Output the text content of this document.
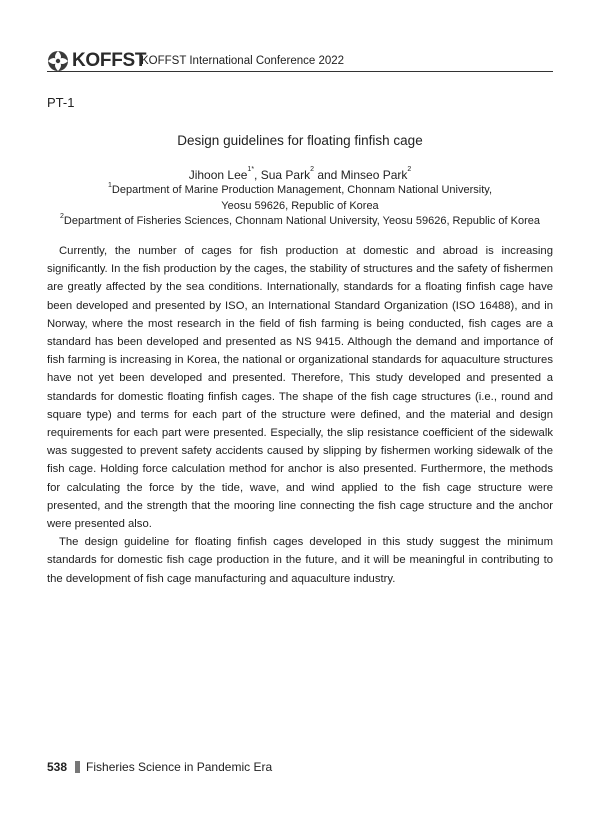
KOFFST
KOFFST International Conference 2022
PT-1
Design guidelines for floating finfish cage
Jihoon Lee$^{1*}$, Sua Park$^2$ and Minseo Park$^2$
$^1$Department of Marine Production Management, Chonnam National University,
Yeosu 59626, Republic of Korea
$^2$Department of Fisheries Sciences, Chonnam National University, Yeosu 59626, Republic of Korea

Currently, the number of cages for fish production at domestic and abroad is increasing significantly. In the fish production by the cages, the stability of structures and the safety of fishermen are greatly affected by the sea conditions. Internationally, standards for a floating finfish cage have been developed and presented by ISO, an International Standard Organization (ISO 16488), and in Norway, where the most research in the field of fish farming is being conducted, fish cages are a standard has been developed and presented as NS 9415. Although the demand and importance of fish farming is increasing in Korea, the national or organizational standards for aquaculture structures have not yet been developed and presented. Therefore, This study developed and presented a standards for domestic floating finfish cages. The shape of the fish cage structures (i.e., round and square type) and terms for each part of the structure were defined, and the material and design requirements for each part were presented. Especially, the slip resistance coefficient of the sidewalk was suggested to prevent safety accidents caused by slipping by fishermen working sidewalk of the fish cage. Holding force calculation method for anchor is also presented. Furthermore, the methods for calculating the force by the tide, wave, and wind applied to the fish cage structure were presented, and the strength that the mooring line connecting the fish cage structure and the anchor were presented also.

The design guideline for floating finfish cages developed in this study suggest the minimum standards for domestic fish cage production in the future, and it will be meaningful in contributing to the development of fish cage manufacturing and aquaculture industry.

538 Fisheries Science in Pandemic Era
